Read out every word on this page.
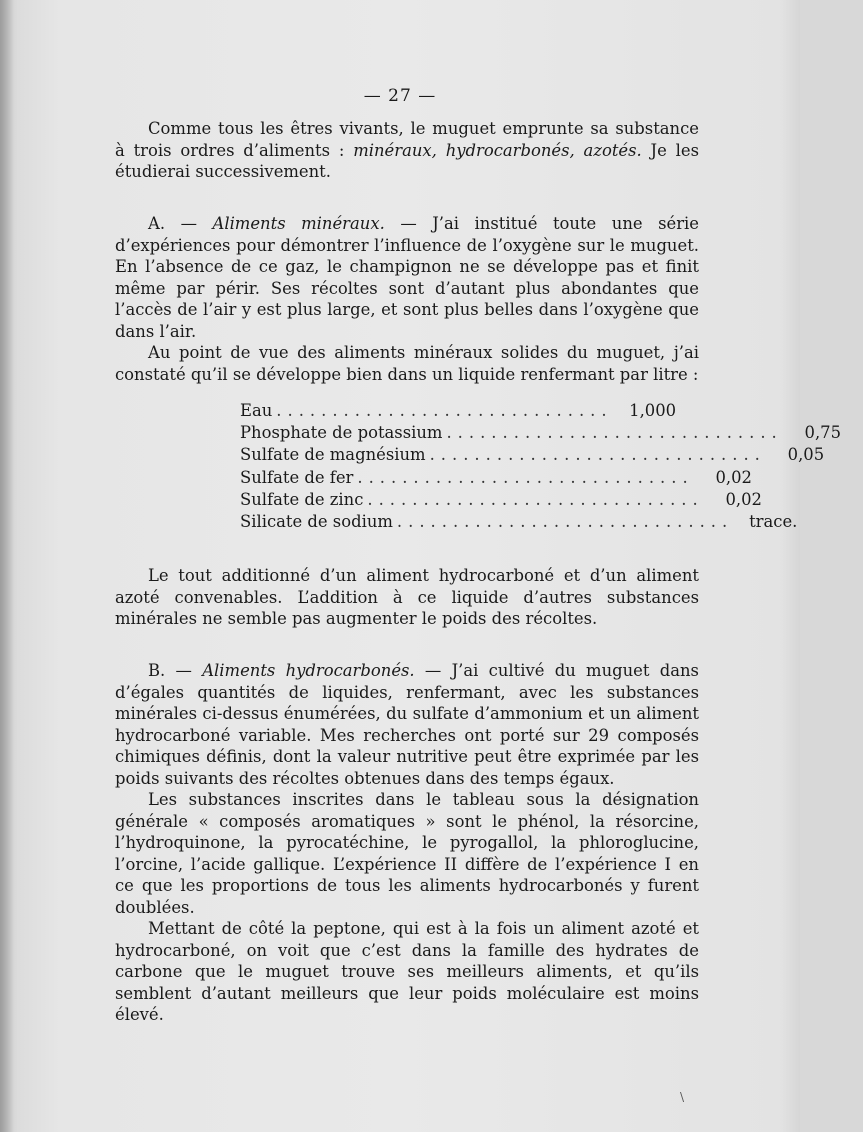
— 27 —

Comme tous les êtres vivants, le muguet emprunte sa substance à trois ordres d’aliments : minéraux, hydrocarbonés, azotés. Je les étudierai successivement.

A. — Aliments minéraux. — J’ai institué toute une série d’expériences pour démontrer l’influence de l’oxygène sur le muguet. En l’absence de ce gaz, le champignon ne se développe pas et finit même par périr. Ses récoltes sont d’autant plus abondantes que l’accès de l’air y est plus large, et sont plus belles dans l’oxygène que dans l’air.

Au point de vue des aliments minéraux solides du muguet, j’ai constaté qu’il se développe bien dans un liquide renfermant par litre :

Eau ..............................	1,000
Phosphate de potassium ..............................	0,75
Sulfate de magnésium ..............................	0,05
Sulfate de fer ..............................	0,02
Sulfate de zinc ..............................	0,02
Silicate de sodium .............................. trace.

Le tout additionné d’un aliment hydrocarboné et d’un aliment azoté convenables. L’addition à ce liquide d’autres substances minérales ne semble pas augmenter le poids des récoltes.

B. — Aliments hydrocarbonés. — J’ai cultivé du muguet dans d’égales quantités de liquides, renfermant, avec les substances minérales ci-dessus énumérées, du sulfate d’ammonium et un aliment hydrocarboné variable. Mes recherches ont porté sur 29 composés chimiques définis, dont la valeur nutritive peut être exprimée par les poids suivants des récoltes obtenues dans des temps égaux.

Les substances inscrites dans le tableau sous la désignation générale « composés aromatiques » sont le phénol, la résorcine, l’hydroquinone, la pyrocatéchine, le pyrogallol, la phloroglucine, l’orcine, l’acide gallique. L’expérience II diffère de l’expérience I en ce que les proportions de tous les aliments hydrocarbonés y furent doublées.

Mettant de côté la peptone, qui est à la fois un aliment azoté et hydrocarboné, on voit que c’est dans la famille des hydrates de carbone que le muguet trouve ses meilleurs aliments, et qu’ils semblent d’autant meilleurs que leur poids moléculaire est moins élevé.

\
